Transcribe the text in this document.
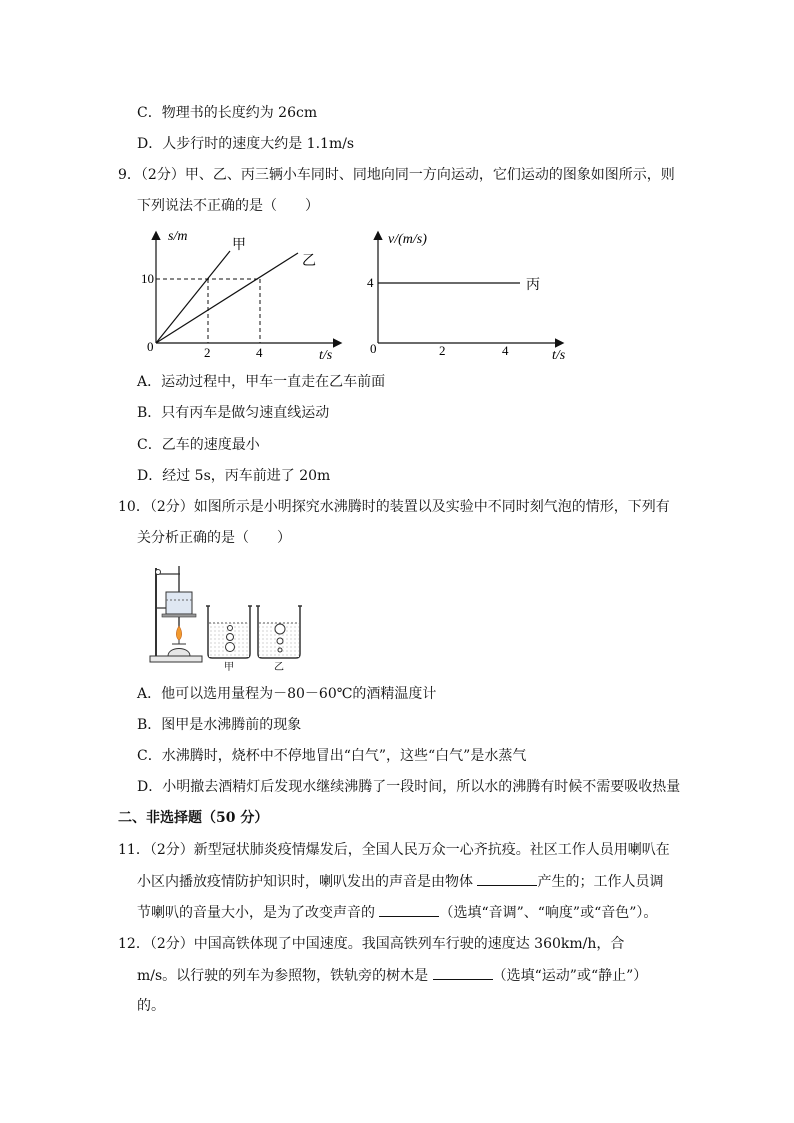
C．物理书的长度约为 26cm
D．人步行时的速度大约是 1.1m/s
9．（2分）甲、乙、丙三辆小车同时、同地向同一方向运动，它们运动的图象如图所示，则
下列说法不正确的是（　　）
s/m
t/s
0
10
2	4
甲
乙
v/(m/s)
t/s
0
4	丙
2	4
A．运动过程中，甲车一直走在乙车前面
B．只有丙车是做匀速直线运动
C．乙车的速度最小
D．经过 5s，丙车前进了 20m
10．（2分）如图所示是小明探究水沸腾时的装置以及实验中不同时刻气泡的情形，下列有
关分析正确的是（　　）
甲	乙
A．他可以选用量程为－80－60℃的酒精温度计
B．图甲是水沸腾前的现象
C．水沸腾时，烧杯中不停地冒出“白气”，这些“白气”是水蒸气
D．小明撤去酒精灯后发现水继续沸腾了一段时间，所以水的沸腾有时候不需要吸收热量
二、非选择题（50 分）
11．（2分）新型冠状肺炎疫情爆发后，全国人民万众一心齐抗疫。社区工作人员用喇叭在
小区内播放疫情防护知识时，喇叭发出的声音是由物体	产生的；工作人员调
节喇叭的音量大小，是为了改变声音的	（选填“音调”、“响度”或“音色”）。
12．（2分）中国高铁体现了中国速度。我国高铁列车行驶的速度达 360km/h，合
m/s。以行驶的列车为参照物，铁轨旁的树木是	（选填“运动”或“静止”）
的。
